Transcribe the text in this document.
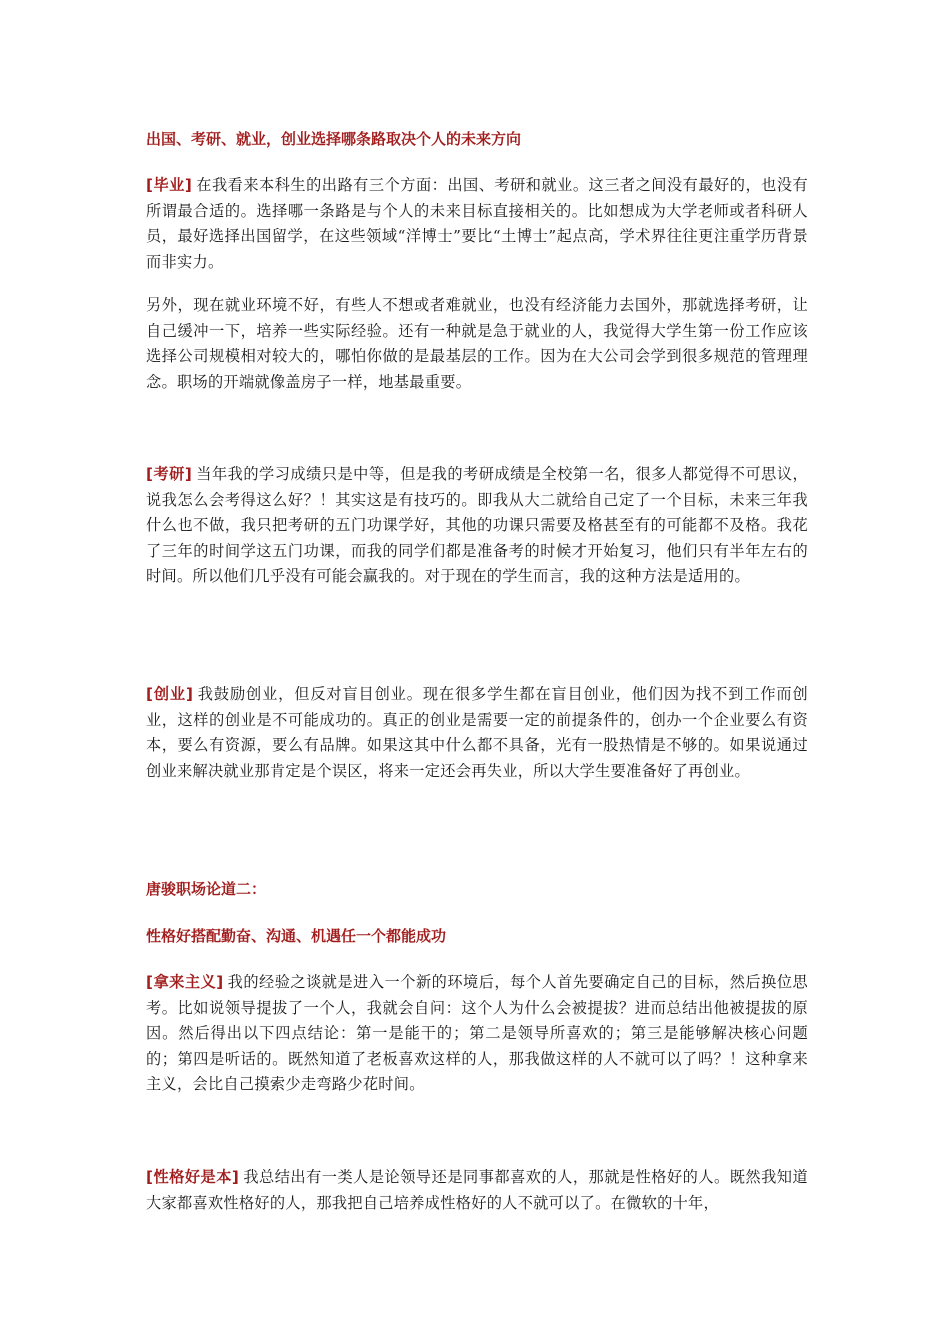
出国、考研、就业，创业选择哪条路取决个人的未来方向
[毕业] 在我看来本科生的出路有三个方面：出国、考研和就业。这三者之间没有最好的，也没有所谓最合适的。选择哪一条路是与个人的未来目标直接相关的。比如想成为大学老师或者科研人员，最好选择出国留学，在这些领域“洋博士”要比“土博士”起点高，学术界往往更注重学历背景而非实力。
另外，现在就业环境不好，有些人不想或者难就业，也没有经济能力去国外，那就选择考研，让自己缓冲一下，培养一些实际经验。还有一种就是急于就业的人，我觉得大学生第一份工作应该选择公司规模相对较大的，哪怕你做的是最基层的工作。因为在大公司会学到很多规范的管理理念。职场的开端就像盖房子一样，地基最重要。
[考研] 当年我的学习成绩只是中等，但是我的考研成绩是全校第一名，很多人都觉得不可思议，说我怎么会考得这么好？！其实这是有技巧的。即我从大二就给自己定了一个目标，未来三年我什么也不做，我只把考研的五门功课学好，其他的功课只需要及格甚至有的可能都不及格。我花了三年的时间学这五门功课，而我的同学们都是准备考的时候才开始复习，他们只有半年左右的时间。所以他们几乎没有可能会赢我的。对于现在的学生而言，我的这种方法是适用的。
[创业] 我鼓励创业，但反对盲目创业。现在很多学生都在盲目创业，他们因为找不到工作而创业，这样的创业是不可能成功的。真正的创业是需要一定的前提条件的，创办一个企业要么有资本，要么有资源，要么有品牌。如果这其中什么都不具备，光有一股热情是不够的。如果说通过创业来解决就业那肯定是个误区，将来一定还会再失业，所以大学生要准备好了再创业。
唐骏职场论道二：
性格好搭配勤奋、沟通、机遇任一个都能成功
[拿来主义] 我的经验之谈就是进入一个新的环境后，每个人首先要确定自己的目标，然后换位思考。比如说领导提拔了一个人，我就会自问：这个人为什么会被提拔？进而总结出他被提拔的原因。然后得出以下四点结论：第一是能干的；第二是领导所喜欢的；第三是能够解决核心问题的；第四是听话的。既然知道了老板喜欢这样的人，那我做这样的人不就可以了吗？！这种拿来主义，会比自己摸索少走弯路少花时间。
[性格好是本] 我总结出有一类人是论领导还是同事都喜欢的人，那就是性格好的人。既然我知道大家都喜欢性格好的人，那我把自己培养成性格好的人不就可以了。在微软的十年，
